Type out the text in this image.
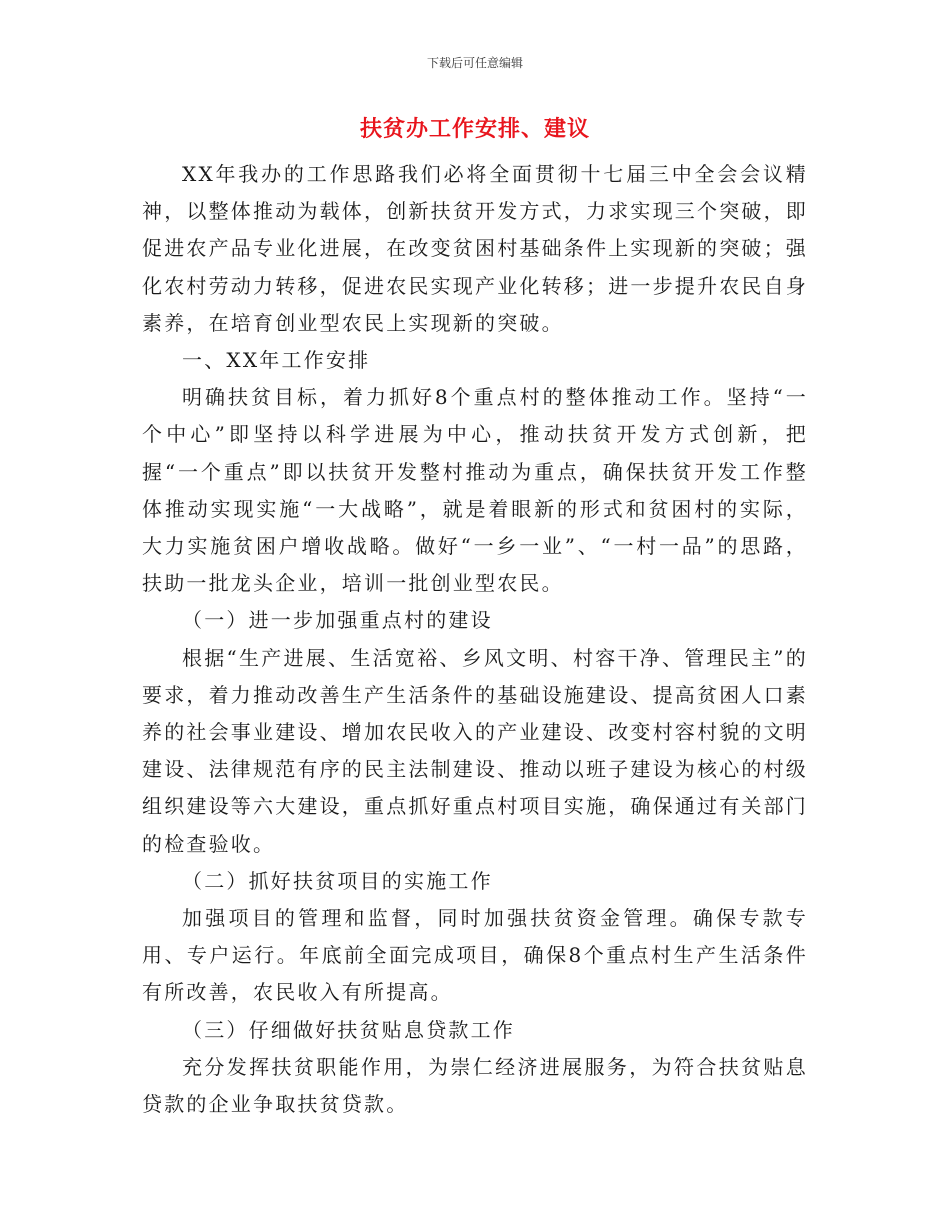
下载后可任意编辑
扶贫办工作安排、建议

XX年我办的工作思路我们必将全面贯彻十七届三中全会会议精神，以整体推动为载体，创新扶贫开发方式，力求实现三个突破，即促进农产品专业化进展，在改变贫困村基础条件上实现新的突破；强化农村劳动力转移，促进农民实现产业化转移；进一步提升农民自身素养，在培育创业型农民上实现新的突破。

一、XX年工作安排

明确扶贫目标，着力抓好8个重点村的整体推动工作。坚持“一个中心”即坚持以科学进展为中心，推动扶贫开发方式创新，把握“一个重点”即以扶贫开发整村推动为重点，确保扶贫开发工作整体推动实现实施“一大战略”，就是着眼新的形式和贫困村的实际，大力实施贫困户增收战略。做好“一乡一业”、“一村一品”的思路，扶助一批龙头企业，培训一批创业型农民。

（一）进一步加强重点村的建设

根据“生产进展、生活宽裕、乡风文明、村容干净、管理民主”的要求，着力推动改善生产生活条件的基础设施建设、提高贫困人口素养的社会事业建设、增加农民收入的产业建设、改变村容村貌的文明建设、法律规范有序的民主法制建设、推动以班子建设为核心的村级组织建设等六大建设，重点抓好重点村项目实施，确保通过有关部门的检查验收。

（二）抓好扶贫项目的实施工作

加强项目的管理和监督，同时加强扶贫资金管理。确保专款专用、专户运行。年底前全面完成项目，确保8个重点村生产生活条件有所改善，农民收入有所提高。

（三）仔细做好扶贫贴息贷款工作

充分发挥扶贫职能作用，为崇仁经济进展服务，为符合扶贫贴息贷款的企业争取扶贫贷款。
